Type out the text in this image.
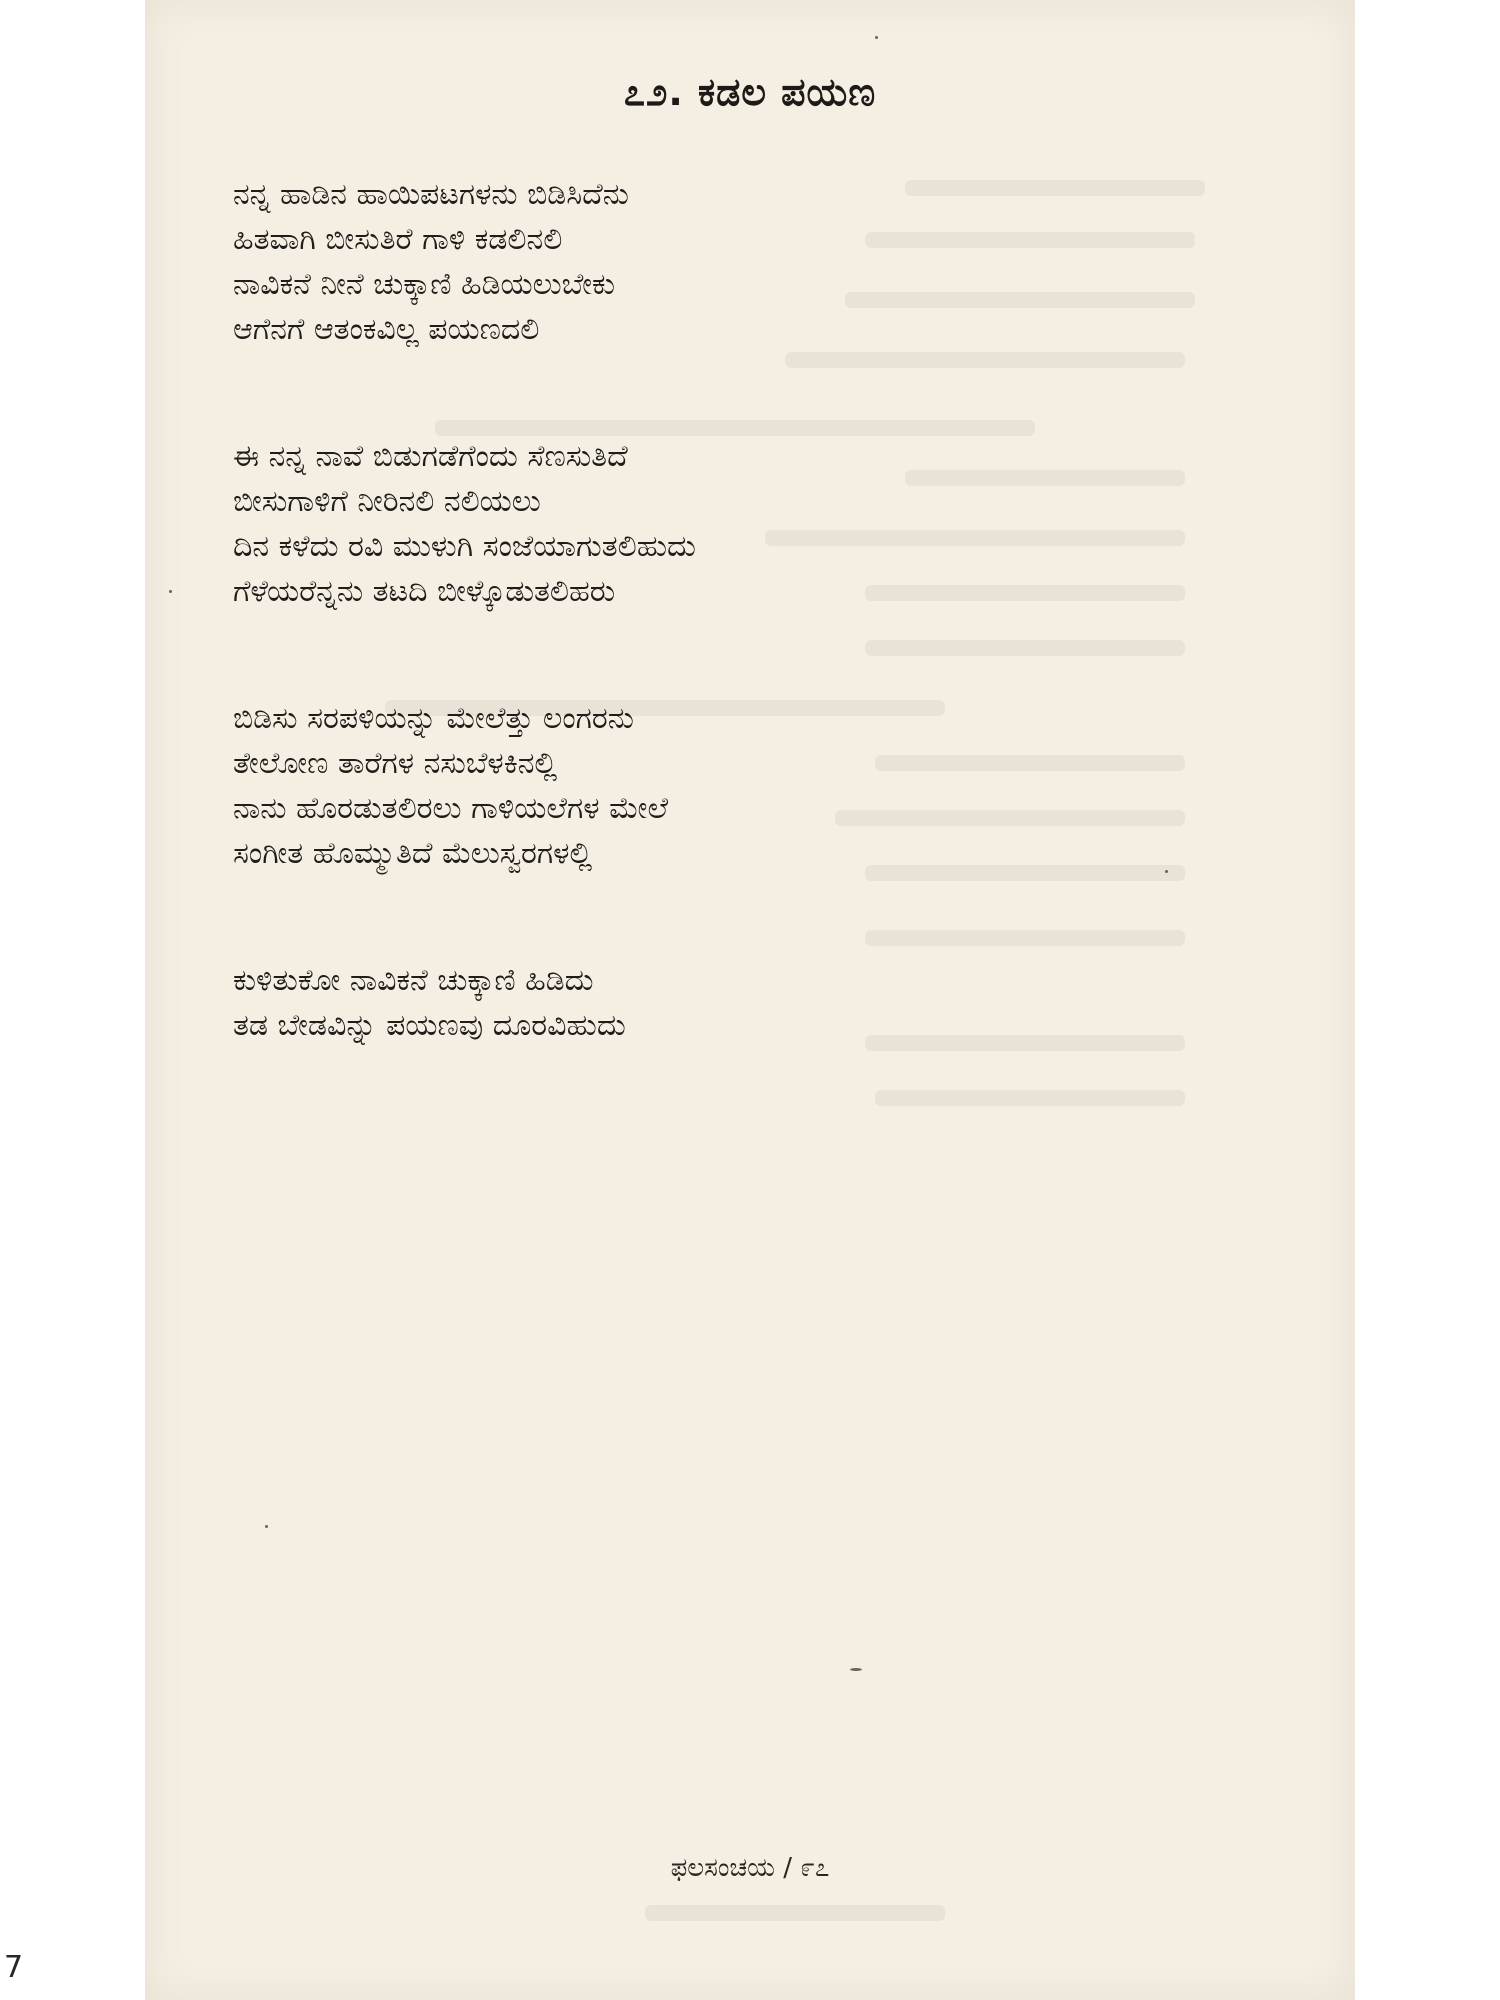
೭೨. ಕಡಲ ಪಯಣ
ನನ್ನ ಹಾಡಿನ ಹಾಯಿಪಟಗಳನು ಬಿಡಿಸಿದೆನು
ಹಿತವಾಗಿ ಬೀಸುತಿರೆ ಗಾಳಿ ಕಡಲಿನಲಿ
ನಾವಿಕನೆ ನೀನೆ ಚುಕ್ಕಾಣಿ ಹಿಡಿಯಲುಬೇಕು
ಆಗೆನಗೆ ಆತಂಕವಿಲ್ಲ ಪಯಣದಲಿ
ಈ ನನ್ನ ನಾವೆ ಬಿಡುಗಡೆಗೆಂದು ಸೆಣಸುತಿದೆ
ಬೀಸುಗಾಳಿಗೆ ನೀರಿನಲಿ ನಲಿಯಲು
ದಿನ ಕಳೆದು ರವಿ ಮುಳುಗಿ ಸಂಜೆಯಾಗುತಲಿಹುದು
ಗೆಳೆಯರೆನ್ನನು ತಟದಿ ಬೀಳ್ಕೊಡುತಲಿಹರು
ಬಿಡಿಸು ಸರಪಳಿಯನ್ನು ಮೇಲೆತ್ತು ಲಂಗರನು
ತೇಲೋಣ ತಾರೆಗಳ ನಸುಬೆಳಕಿನಲ್ಲಿ
ನಾನು ಹೊರಡುತಲಿರಲು ಗಾಳಿಯಲೆಗಳ ಮೇಲೆ
ಸಂಗೀತ ಹೊಮ್ಮುತಿದೆ ಮೆಲುಸ್ವರಗಳಲ್ಲಿ
ಕುಳಿತುಕೋ ನಾವಿಕನೆ ಚುಕ್ಕಾಣಿ ಹಿಡಿದು
ತಡ ಬೇಡವಿನ್ನು ಪಯಣವು ದೂರವಿಹುದು
ಫಲಸಂಚಯ / ೯೭
7
